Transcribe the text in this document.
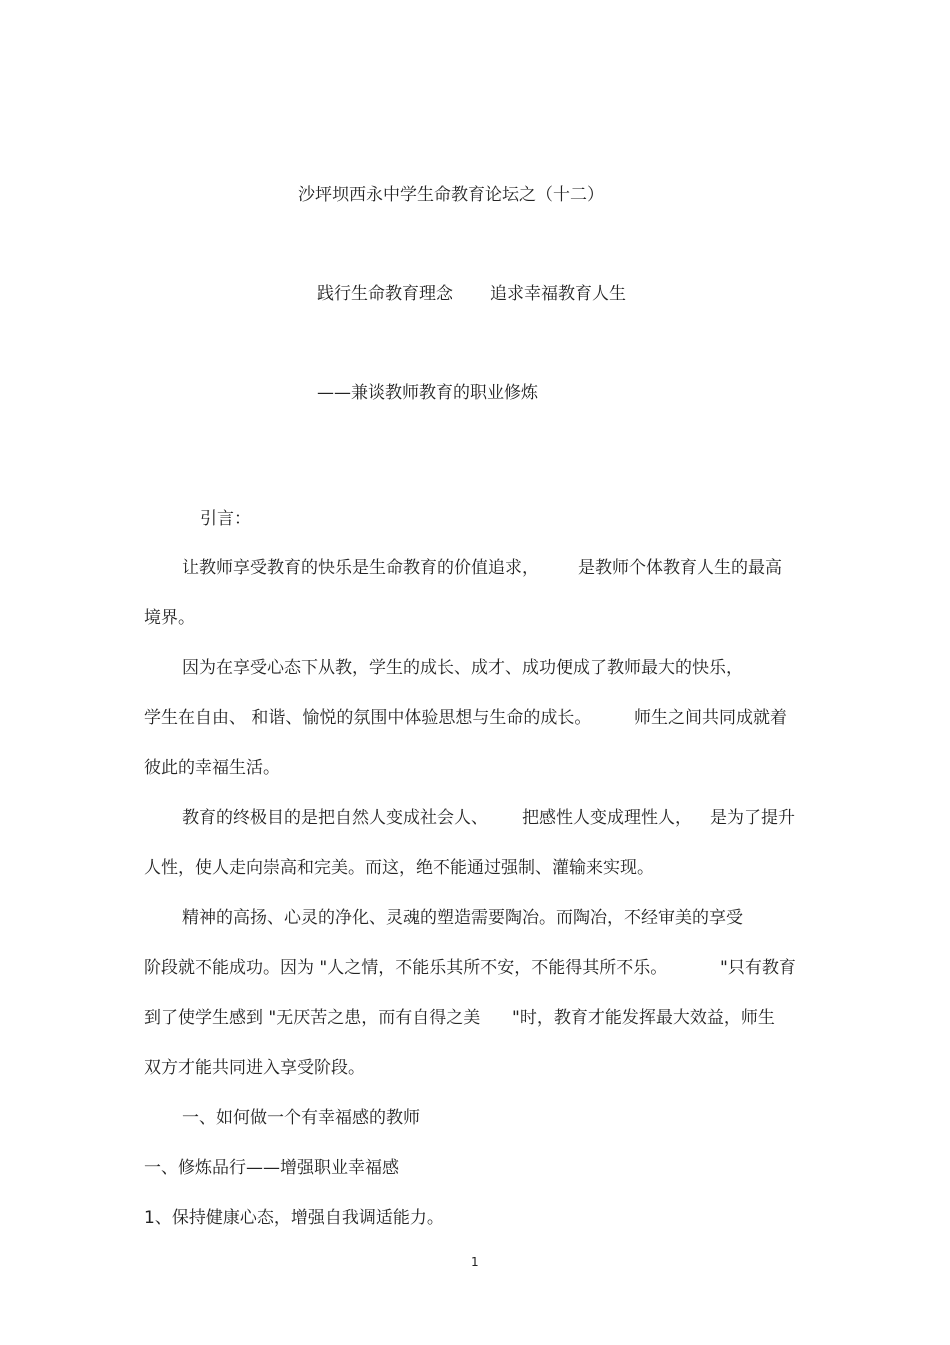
沙坪坝西永中学生命教育论坛之（十二）

践行生命教育理念 追求幸福教育人生

——兼谈教师教育的职业修炼

引言：

让教师享受教育的快乐是生命教育的价值追求， 是教师个体教育人生的最高

境界。

因为在享受心态下从教，学生的成长、成才、成功便成了教师最大的快乐，

学生在自由、 和谐、愉悦的氛围中体验思想与生命的成长。	师生之间共同成就着

彼此的幸福生活。

教育的终极目的是把自然人变成社会人、 把感性人变成理性人， 是为了提升

人性，使人走向崇高和完美。而这，绝不能通过强制、灌输来实现。

精神的高扬、心灵的净化、灵魂的塑造需要陶冶。而陶冶，不经审美的享受

阶段就不能成功。因为 "人之情，不能乐其所不安，不能得其所不乐。	"只有教育

到了使学生感到 "无厌苦之患，而有自得之美 "时，教育才能发挥最大效益，师生

双方才能共同进入享受阶段。

一、如何做一个有幸福感的教师

一、修炼品行——增强职业幸福感

1、保持健康心态，增强自我调适能力。

1
